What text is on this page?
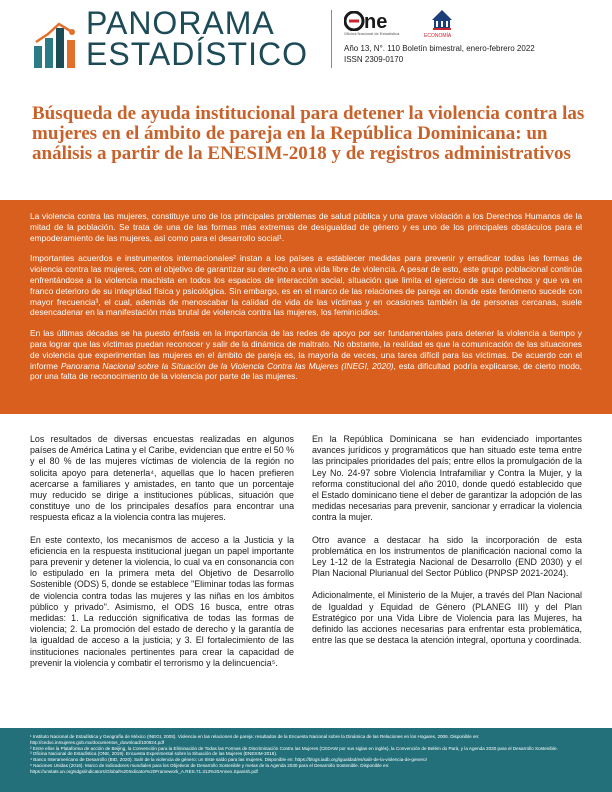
PANORAMA
ESTADÍSTICO
ne
Oficina Nacional de Estadística	ECONOMÍA
Año 13, N°. 110 Boletín bimestral, enero-febrero 2022
ISSN 2309-0170
Búsqueda de ayuda institucional para detener la violencia contra las mujeres en el ámbito de pareja en la República Dominicana: un análisis a partir de la ENESIM-2018 y de registros administrativos

La violencia contra las mujeres, constituye uno de los principales problemas de salud pública y una grave violación a los Derechos Humanos de la mitad de la población. Se trata de una de las formas más extremas de desigualdad de género y es uno de los principales obstáculos para el empoderamiento de las mujeres, así como para el desarrollo social¹.

Importantes acuerdos e instrumentos internacionales² instan a los países a establecer medidas para prevenir y erradicar todas las formas de violencia contra las mujeres, con el objetivo de garantizar su derecho a una vida libre de violencia. A pesar de esto, este grupo poblacional continúa enfrentándose a la violencia machista en todos los espacios de interacción social, situación que limita el ejercicio de sus derechos y que va en franco deterioro de su integridad física y psicológica. Sin embargo, es en el marco de las relaciones de pareja en donde este fenómeno sucede con mayor frecuencia³, el cual, además de menoscabar la calidad de vida de las víctimas y en ocasiones también la de personas cercanas, suele desencadenar en la manifestación más brutal de violencia contra las mujeres, los feminicidios.

En las últimas décadas se ha puesto énfasis en la importancia de las redes de apoyo por ser fundamentales para detener la violencia a tiempo y para lograr que las víctimas puedan reconocer y salir de la dinámica de maltrato. No obstante, la realidad es que la comunicación de las situaciones de violencia que experimentan las mujeres en el ámbito de pareja es, la mayoría de veces, una tarea difícil para las víctimas. De acuerdo con el informe Panorama Nacional sobre la Situación de la Violencia Contra las Mujeres (INEGI, 2020), esta dificultad podría explicarse, de cierto modo, por una falta de reconocimiento de la violencia por parte de las mujeres.

Los resultados de diversas encuestas realizadas en algunos países de América Latina y el Caribe, evidencian que entre el 50 % y el 80 % de las mujeres víctimas de violencia de la región no solicita apoyo para detenerla⁴, aquellas que lo hacen prefieren acercarse a familiares y amistades, en tanto que un porcentaje muy reducido se dirige a instituciones públicas, situación que constituye uno de los principales desafíos para encontrar una respuesta eficaz a la violencia contra las mujeres.

En este contexto, los mecanismos de acceso a la Justicia y la eficiencia en la respuesta institucional juegan un papel importante para prevenir y detener la violencia, lo cual va en consonancia con lo estipulado en la primera meta del Objetivo de Desarrollo Sostenible (ODS) 5, donde se establece "Eliminar todas las formas de violencia contra todas las mujeres y las niñas en los ámbitos público y privado". Asimismo, el ODS 16 busca, entre otras medidas: 1. La reducción significativa de todas las formas de violencia; 2. La promoción del estado de derecho y la garantía de la igualdad de acceso a la justicia; y 3. El fortalecimiento de las instituciones nacionales pertinentes para crear la capacidad de prevenir la violencia y combatir el terrorismo y la delincuencia⁵.

En la República Dominicana se han evidenciado importantes avances jurídicos y programáticos que han situado este tema entre las principales prioridades del país; entre ellos la promulgación de la Ley No. 24-97 sobre Violencia Intrafamiliar y Contra la Mujer, y la reforma constitucional del año 2010, donde quedó establecido que el Estado dominicano tiene el deber de garantizar la adopción de las medidas necesarias para prevenir, sancionar y erradicar la violencia contra la mujer.

Otro avance a destacar ha sido la incorporación de esta problemática en los instrumentos de planificación nacional como la Ley 1-12 de la Estrategia Nacional de Desarrollo (END 2030) y el Plan Nacional Plurianual del Sector Público (PNPSP 2021-2024).

Adicionalmente, el Ministerio de la Mujer, a través del Plan Nacional de Igualdad y Equidad de Género (PLANEG III) y del Plan Estratégico por una Vida Libre de Violencia para las Mujeres, ha definido las acciones necesarias para enfrentar esta problemática, entre las que se destaca la atención integral, oportuna y coordinada.

¹ Instituto Nacional de Estadística y Geografía de México (INEGI, 2008). Violencia en las relaciones de pareja: resultados de la Encuesta Nacional sobre la Dinámica de las Relaciones en los Hogares, 2006. Disponible en: http://cedoc.inmujeres.gob.mx/documentos_download/100924.pdf
² Entre ellos la Plataforma de acción de Beijing, la Convención para la Eliminación de Todas las Formas de Discriminación Contra las Mujeres (CEDAW por sus siglas en inglés), la Convención de Belém do Pará, y la Agenda 2030 para el Desarrollo Sostenible.
³ Oficina Nacional de Estadística (ONE, 2019). Encuesta Experimental sobre la Situación de las Mujeres (ENESIM-2018).
⁴ Banco Interamericano de Desarrollo (BID, 2020). Salir de la violencia de género: un triste saldo para las mujeres. Disponible en: https://blogs.iadb.org/igualdad/es/salir-de-la-violencia-de-genero/
⁵ Naciones Unidas (2016). Marco de indicadores mundiales para los Objetivos de Desarrollo Sostenible y metas de la Agenda 2030 para el Desarrollo Sostenible. Disponible en: https://unstats.un.org/sdgs/indicators/Global%20Indicator%20Framework_A.RES.71.313%20Annex.Spanish.pdf
